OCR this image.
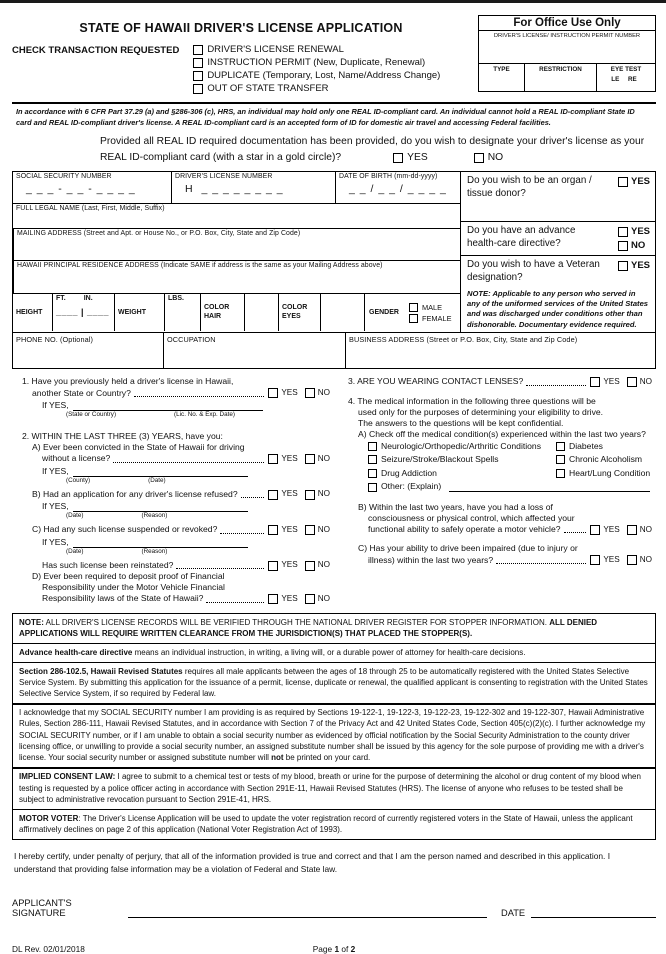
STATE OF HAWAII DRIVER'S LICENSE APPLICATION
CHECK TRANSACTION REQUESTED	DRIVER'S LICENSE RENEWAL
INSTRUCTION PERMIT (New, Duplicate, Renewal)
DUPLICATE (Temporary, Lost, Name/Address Change)
OUT OF STATE TRANSFER
For Office Use Only
DRIVER'S LICENSE/ INSTRUCTION PERMIT NUMBER
TYPE	RESTRICTION	EYE TEST
LE RE
In accordance with 6 CFR Part 37.29 (a) and §286-306 (c), HRS, an individual may hold only one REAL ID-compliant card. An individual cannot hold a REAL ID-compliant State ID card and REAL ID-compliant driver's license. A REAL ID-compliant card is an accepted form of ID for domestic air travel and accessing Federal facilities.
Provided all REAL ID required documentation has been provided, do you wish to designate your driver's license as your
REAL ID-compliant card (with a star in a gold circle)?	YES	NO
SOCIAL SECURITY NUMBER
_ _ _ - _ _ - _ _ _ _
DRIVER'S LICENSE NUMBER
H _ _ _ _ _ _ _ _
DATE OF BIRTH (mm-dd-yyyy)
_ _ / _ _ / _ _ _ _
FULL LEGAL NAME (Last, First, Middle, Suffix)
MAILING ADDRESS (Street and Apt. or House No., or P.O. Box, City, State and Zip Code)
HAWAII PRINCIPAL RESIDENCE ADDRESS (Indicate SAME if address is the same as your Mailing Address above)
HEIGHT
FT.	IN.
____ | ____	WEIGHT
LBS.
COLOR
HAIR
COLOR
EYES	GENDER
MALE
FEMALE
Do you wish to be an organ /
tissue donor?
YES
Do you have an advance
health-care directive?
YES
NO
Do you wish to have a Veteran
designation?
YES
NOTE: Applicable to any person who served in any of the uniformed services of the United States and was discharged under conditions other than dishonorable. Documentary evidence required.
PHONE NO. (Optional)	OCCUPATION	BUSINESS ADDRESS (Street or P.O. Box, City, State and Zip Code)
1. Have you previously held a driver's license in Hawaii,
another State or Country?	YES NO
If YES,
(State or Country)	(Lic. No. & Exp. Date)
2. WITHIN THE LAST THREE (3) YEARS, have you:
A) Ever been convicted in the State of Hawaii for driving
without a license?	YES NO
If YES,
(County)	(Date)
B) Had an application for any driver's license refused?	YES NO
If YES,
(Date)	(Reason)
C) Had any such license suspended or revoked?	YES NO
If YES,
(Date)	(Reason)
Has such license been reinstated?	YES NO
D) Ever been required to deposit proof of Financial
Responsibility under the Motor Vehicle Financial
Responsibility laws of the State of Hawaii?	YES NO
3. ARE YOU WEARING CONTACT LENSES?	YES NO
4. The medical information in the following three questions will be
used only for the purposes of determining your eligibility to drive.
The answers to the questions will be kept confidential.
A) Check off the medical condition(s) experienced within the last two years?
Neurologic/Orthopedic/Arthritic Conditions
Seizure/Stroke/Blackout Spells
Drug Addiction
Diabetes
Chronic Alcoholism
Heart/Lung Condition
Other: (Explain)
B) Within the last two years, have you had a loss of
consciousness or physical control, which affected your
functional ability to safely operate a motor vehicle?	YES NO
C) Has your ability to drive been impaired (due to injury or
illness) within the last two years?	YES NO
NOTE: ALL DRIVER'S LICENSE RECORDS WILL BE VERIFIED THROUGH THE NATIONAL DRIVER REGISTER FOR STOPPER INFORMATION. ALL DENIED APPLICATIONS WILL REQUIRE WRITTEN CLEARANCE FROM THE JURISDICTION(S) THAT PLACED THE STOPPER(S).
Advance health-care directive means an individual instruction, in writing, a living will, or a durable power of attorney for health-care decisions.
Section 286-102.5, Hawaii Revised Statutes requires all male applicants between the ages of 18 through 25 to be automatically registered with the United States Selective Service System. By submitting this application for the issuance of a permit, license, duplicate or renewal, the qualified applicant is consenting to registration with the United States Selective Service System, if so required by Federal law.
I acknowledge that my SOCIAL SECURITY number I am providing is as required by Sections 19-122-1, 19-122-3, 19-122-23, 19-122-302 and 19-122-307, Hawaii Administrative Rules, Section 286-111, Hawaii Revised Statutes, and in accordance with Section 7 of the Privacy Act and 42 United States Code, Section 405(c)(2)(c). I further acknowledge my SOCIAL SECURITY number, or if I am unable to obtain a social security number as evidenced by official notification by the Social Security Administration to the county driver licensing office, or unwilling to provide a social security number, an assigned substitute number shall be issued by this agency for the sole purpose of providing me with a driver's license. Your social security number or assigned substitute number will not be printed on your card.
IMPLIED CONSENT LAW: I agree to submit to a chemical test or tests of my blood, breath or urine for the purpose of determining the alcohol or drug content of my blood when testing is requested by a police officer acting in accordance with Section 291E-11, Hawaii Revised Statutes (HRS). The license of anyone who refuses to be tested shall be subject to administrative revocation pursuant to Section 291E-41, HRS.
MOTOR VOTER: The Driver's License Application will be used to update the voter registration record of currently registered voters in the State of Hawaii, unless the applicant affirmatively declines on page 2 of this application (National Voter Registration Act of 1993).
I hereby certify, under penalty of perjury, that all of the information provided is true and correct and that I am the person named and described in this application. I understand that providing false information may be a violation of Federal and State law.
APPLICANT'S SIGNATURE	DATE
DL Rev. 02/01/2018	Page 1 of 2
